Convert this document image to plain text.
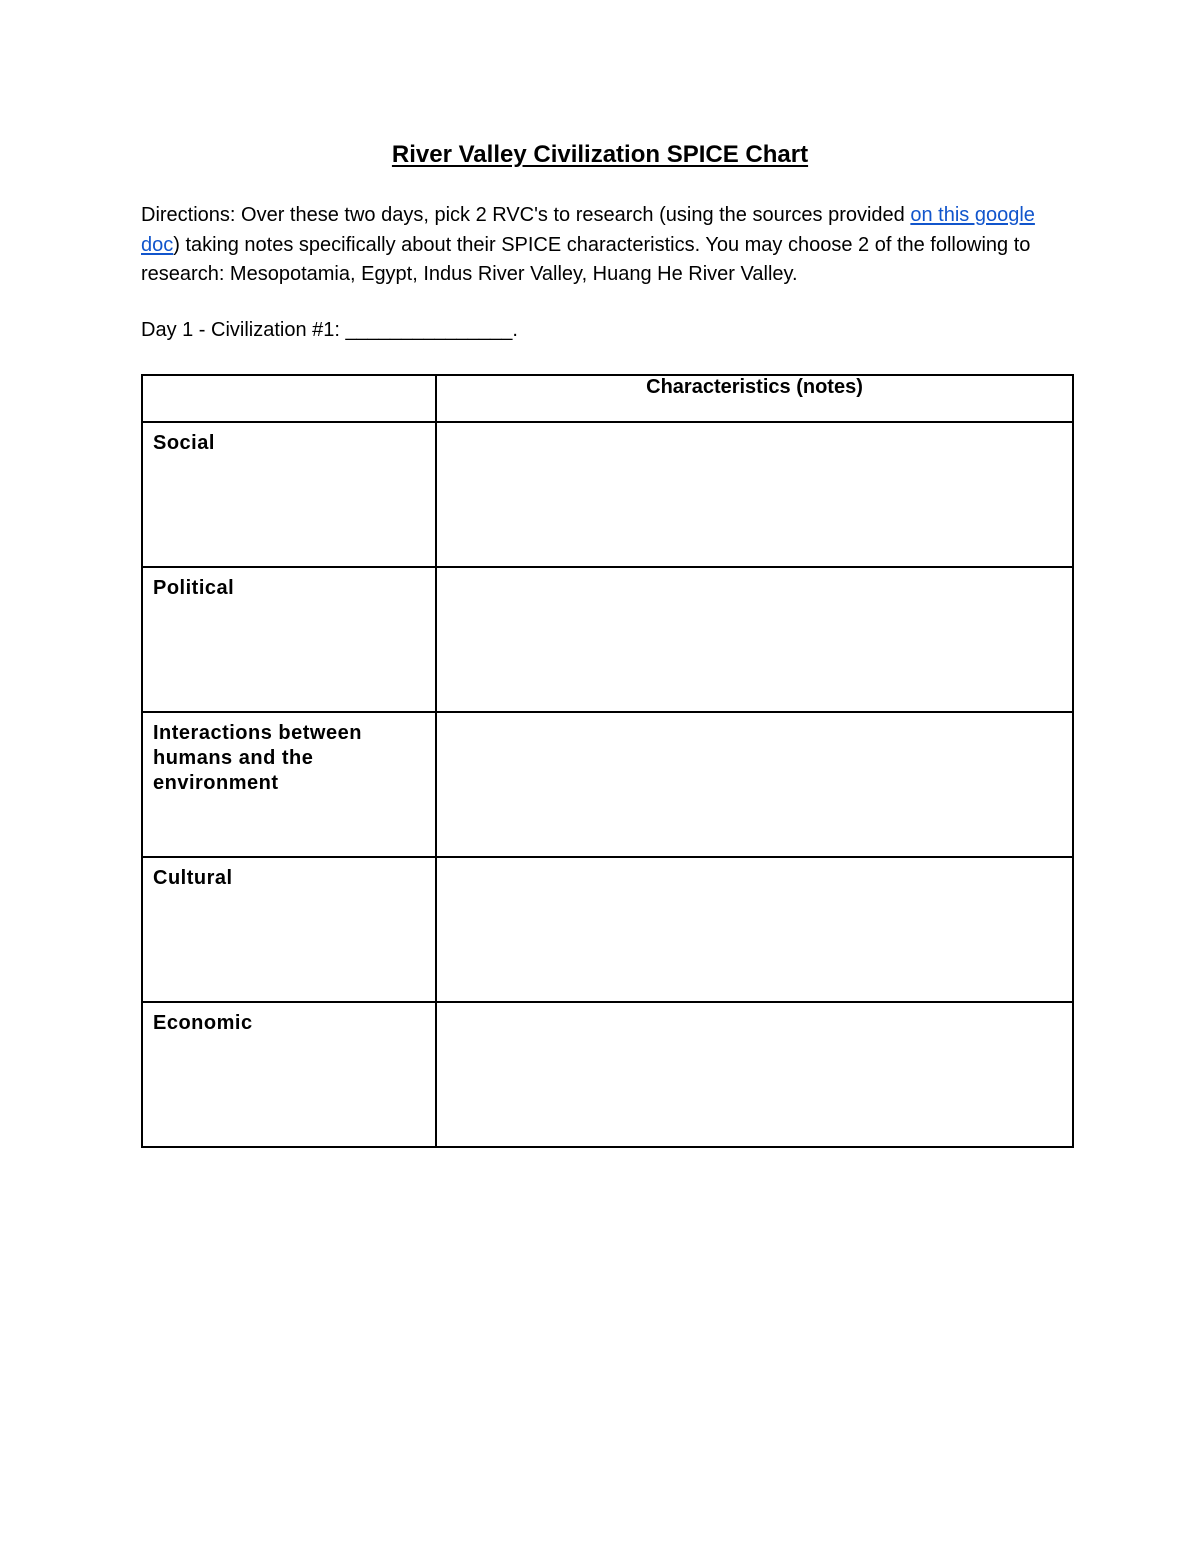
River Valley Civilization SPICE Chart

Directions: Over these two days, pick 2 RVC's to research (using the sources provided on this google doc) taking notes specifically about their SPICE characteristics. You may choose 2 of the following to research: Mesopotamia, Egypt, Indus River Valley, Huang He River Valley.

Day 1 - Civilization #1: _______________.

	Characteristics (notes)

Social	

Political	

Interactions between humans and the environment	

Cultural	

Economic	
